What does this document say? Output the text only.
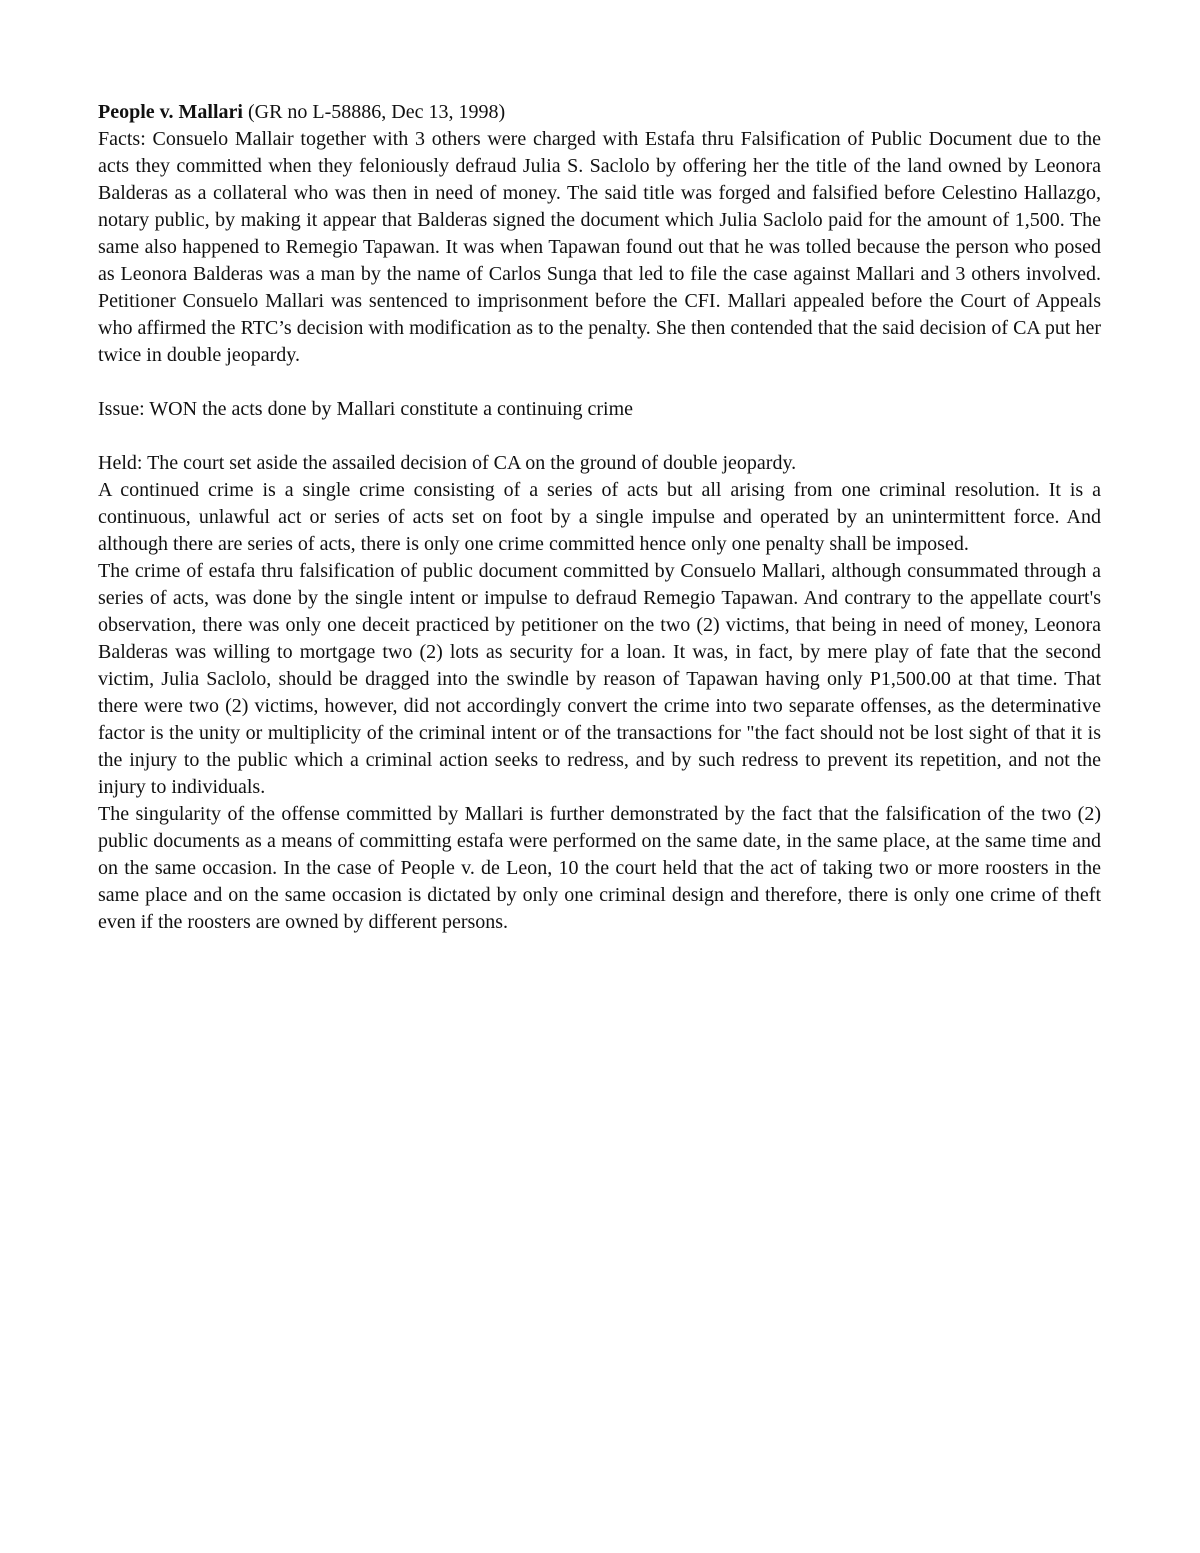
People v. Mallari (GR no L-58886, Dec 13, 1998)

Facts: Consuelo Mallair together with 3 others were charged with Estafa thru Falsification of Public Document due to the acts they committed when they feloniously defraud Julia S. Saclolo by offering her the title of the land owned by Leonora Balderas as a collateral who was then in need of money. The said title was forged and falsified before Celestino Hallazgo, notary public, by making it appear that Balderas signed the document which Julia Saclolo paid for the amount of 1,500. The same also happened to Remegio Tapawan. It was when Tapawan found out that he was tolled because the person who posed as Leonora Balderas was a man by the name of Carlos Sunga that led to file the case against Mallari and 3 others involved. Petitioner Consuelo Mallari was sentenced to imprisonment before the CFI. Mallari appealed before the Court of Appeals who affirmed the RTC’s decision with modification as to the penalty. She then contended that the said decision of CA put her twice in double jeopardy.

Issue: WON the acts done by Mallari constitute a continuing crime

Held: The court set aside the assailed decision of CA on the ground of double jeopardy.

A continued crime is a single crime consisting of a series of acts but all arising from one criminal resolution. It is a continuous, unlawful act or series of acts set on foot by a single impulse and operated by an unintermittent force. And although there are series of acts, there is only one crime committed hence only one penalty shall be imposed.

The crime of estafa thru falsification of public document committed by Consuelo Mallari, although consummated through a series of acts, was done by the single intent or impulse to defraud Remegio Tapawan. And contrary to the appellate court's observation, there was only one deceit practiced by petitioner on the two (2) victims, that being in need of money, Leonora Balderas was willing to mortgage two (2) lots as security for a loan. It was, in fact, by mere play of fate that the second victim, Julia Saclolo, should be dragged into the swindle by reason of Tapawan having only P1,500.00 at that time. That there were two (2) victims, however, did not accordingly convert the crime into two separate offenses, as the determinative factor is the unity or multiplicity of the criminal intent or of the transactions for "the fact should not be lost sight of that it is the injury to the public which a criminal action seeks to redress, and by such redress to prevent its repetition, and not the injury to individuals.

The singularity of the offense committed by Mallari is further demonstrated by the fact that the falsification of the two (2) public documents as a means of committing estafa were performed on the same date, in the same place, at the same time and on the same occasion. In the case of People v. de Leon, 10 the court held that the act of taking two or more roosters in the same place and on the same occasion is dictated by only one criminal design and therefore, there is only one crime of theft even if the roosters are owned by different persons.
